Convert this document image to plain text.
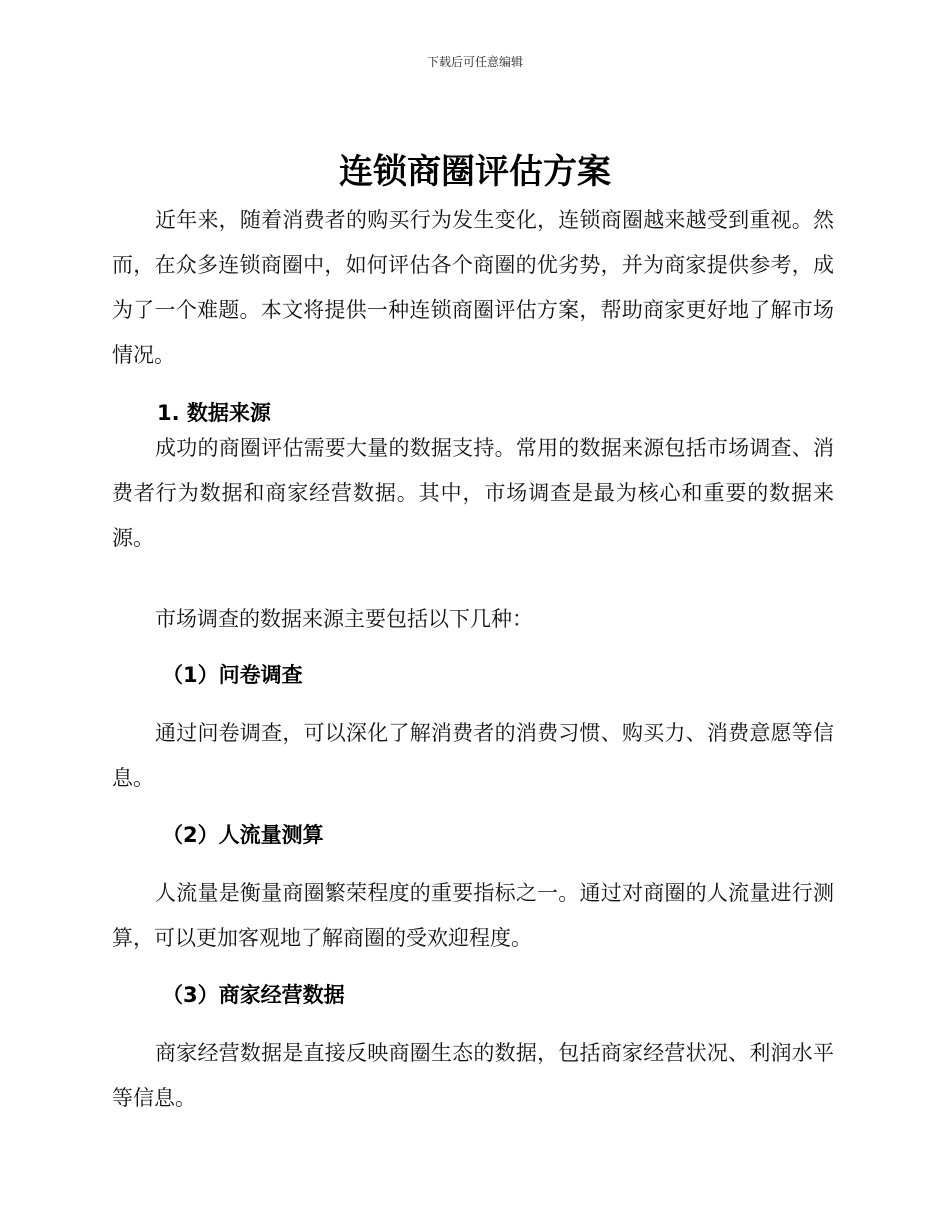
下载后可任意编辑
连锁商圈评估方案

近年来，随着消费者的购买行为发生变化，连锁商圈越来越受到重视。然而，在众多连锁商圈中，如何评估各个商圈的优劣势，并为商家提供参考，成为了一个难题。本文将提供一种连锁商圈评估方案，帮助商家更好地了解市场情况。

1. 数据来源

成功的商圈评估需要大量的数据支持。常用的数据来源包括市场调查、消费者行为数据和商家经营数据。其中，市场调查是最为核心和重要的数据来源。

市场调查的数据来源主要包括以下几种：

（1）问卷调查

通过问卷调查，可以深化了解消费者的消费习惯、购买力、消费意愿等信息。

（2）人流量测算

人流量是衡量商圈繁荣程度的重要指标之一。通过对商圈的人流量进行测算，可以更加客观地了解商圈的受欢迎程度。

（3）商家经营数据

商家经营数据是直接反映商圈生态的数据，包括商家经营状况、利润水平等信息。
